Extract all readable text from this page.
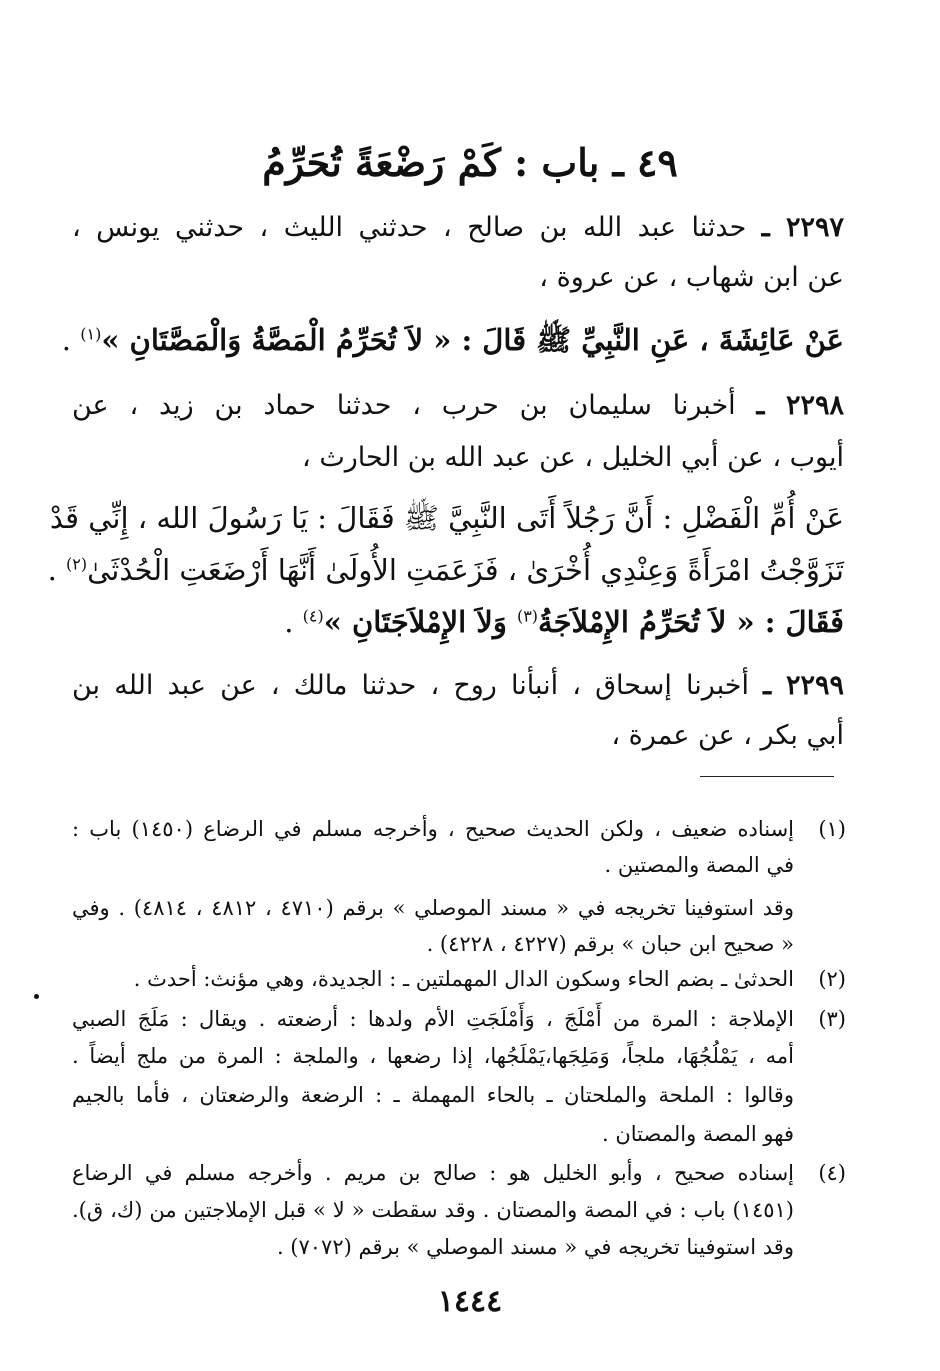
٤٩ ـ باب : كَمْ رَضْعَةً تُحَرِّمُ
٢٢٩٧ ـ حدثنا عبد الله بن صالح ، حدثني الليث ، حدثني يونس ،
عن ابن شهاب ، عن عروة ،
عَنْ عَائِشَةَ ، عَنِ النَّبِيِّ ﷺ قَالَ : « لاَ تُحَرِّمُ الْمَصَّةُ وَالْمَصَّتَانِ »$^{(١)}$ .
٢٢٩٨ ـ أخبرنا سليمان بن حرب ، حدثنا حماد بن زيد ، عن
أيوب ، عن أبي الخليل ، عن عبد الله بن الحارث ،
عَنْ أُمِّ الْفَضْلِ : أَنَّ رَجُلاً أَتَى النَّبِيَّ ﷺ فَقَالَ : يَا رَسُولَ الله ، إِنِّي قَدْ
تَزَوَّجْتُ امْرَأَةً وَعِنْدِي أُخْرَىٰ ، فَزَعَمَتِ الأُولَىٰ أَنَّهَا أَرْضَعَتِ الْحُدْثَىٰ$^{(٢)}$ .
فَقَالَ : « لاَ تُحَرِّمُ الإِمْلاَجَةُ$^{(٣)}$ وَلاَ الإِمْلاَجَتَانِ »$^{(٤)}$ .
٢٢٩٩ ـ أخبرنا إسحاق ، أنبأنا روح ، حدثنا مالك ، عن عبد الله بن
أبي بكر ، عن عمرة ،
(١)
إسناده ضعيف ، ولكن الحديث صحيح ، وأخرجه مسلم في الرضاع (١٤٥٠) باب :
في المصة والمصتين .
وقد استوفينا تخريجه في « مسند الموصلي » برقم (٤٧١٠ ، ٤٨١٢ ، ٤٨١٤) . وفي
« صحيح ابن حبان » برقم (٤٢٢٧ ، ٤٢٢٨) .
(٢)
الحدثىٰ ـ بضم الحاء وسكون الدال المهملتين ـ : الجديدة، وهي مؤنث: أحدث .
(٣)
الإملاجة : المرة من أَمْلَجَ ، وَأَمْلَجَتِ الأم ولدها : أرضعته . ويقال : مَلَجَ الصبي
أمه ، يَمْلُجُهَا، ملجاً، وَمَلِجَها،يَمْلَجُها، إذا رضعها ، والملجة : المرة من ملج أيضاً .
وقالوا : الملحة والملحتان ـ بالحاء المهملة ـ : الرضعة والرضعتان ، فأما بالجيم
فهو المصة والمصتان .
(٤)
إسناده صحيح ، وأبو الخليل هو : صالح بن مريم . وأخرجه مسلم في الرضاع
(١٤٥١) باب : في المصة والمصتان . وقد سقطت « لا » قبل الإملاجتين من (ك، ق).
وقد استوفينا تخريجه في « مسند الموصلي » برقم (٧٠٧٢) .
١٤٤٤
